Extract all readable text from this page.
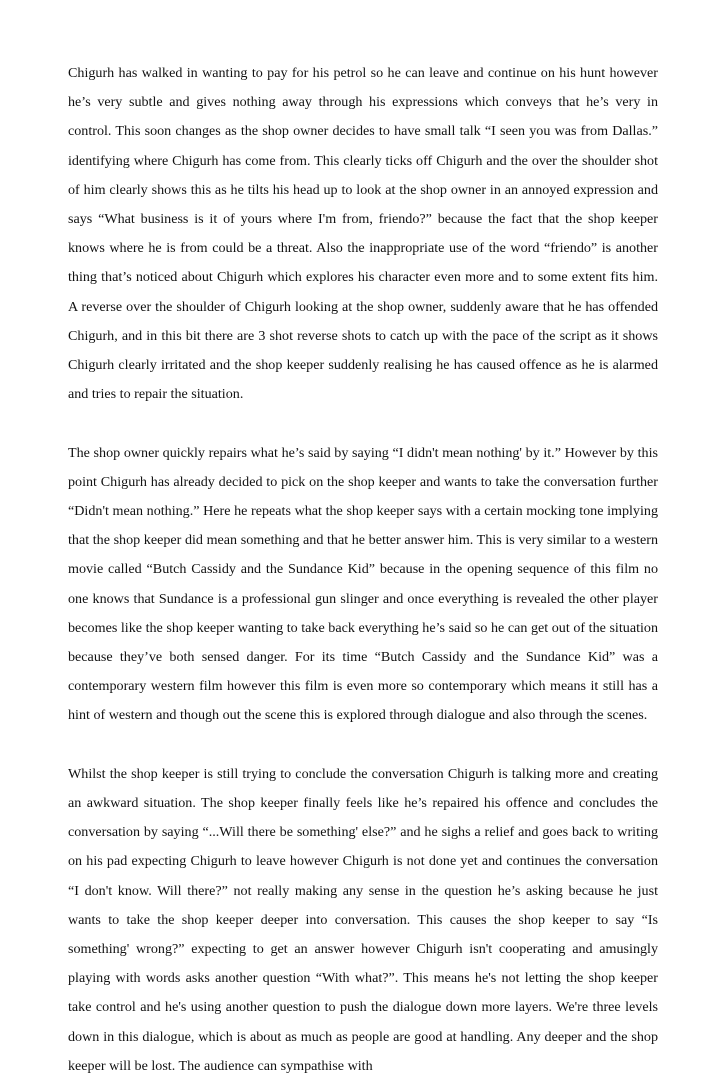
Chigurh has walked in wanting to pay for his petrol so he can leave and continue on his hunt however he’s very subtle and gives nothing away through his expressions which conveys that he’s very in control. This soon changes as the shop owner decides to have small talk “I seen you was from Dallas.” identifying where Chigurh has come from. This clearly ticks off Chigurh and the over the shoulder shot of him clearly shows this as he tilts his head up to look at the shop owner in an annoyed expression and says “What business is it of yours where I'm from, friendo?” because the fact that the shop keeper knows where he is from could be a threat. Also the inappropriate use of the word “friendo” is another thing that’s noticed about Chigurh which explores his character even more and to some extent fits him. A reverse over the shoulder of Chigurh looking at the shop owner, suddenly aware that he has offended Chigurh, and in this bit there are 3 shot reverse shots to catch up with the pace of the script as it shows Chigurh clearly irritated and the shop keeper suddenly realising he has caused offence as he is alarmed and tries to repair the situation.

The shop owner quickly repairs what he’s said by saying “I didn't mean nothing' by it.” However by this point Chigurh has already decided to pick on the shop keeper and wants to take the conversation further “Didn't mean nothing.” Here he repeats what the shop keeper says with a certain mocking tone implying that the shop keeper did mean something and that he better answer him. This is very similar to a western movie called “Butch Cassidy and the Sundance Kid” because in the opening sequence of this film no one knows that Sundance is a professional gun slinger and once everything is revealed the other player becomes like the shop keeper wanting to take back everything he’s said so he can get out of the situation because they’ve both sensed danger. For its time “Butch Cassidy and the Sundance Kid” was a contemporary western film however this film is even more so contemporary which means it still has a hint of western and though out the scene this is explored through dialogue and also through the scenes.

Whilst the shop keeper is still trying to conclude the conversation Chigurh is talking more and creating an awkward situation. The shop keeper finally feels like he’s repaired his offence and concludes the conversation by saying “...Will there be something' else?” and he sighs a relief and goes back to writing on his pad expecting Chigurh to leave however Chigurh is not done yet and continues the conversation “I don't know. Will there?” not really making any sense in the question he’s asking because he just wants to take the shop keeper deeper into conversation. This causes the shop keeper to say “Is something' wrong?” expecting to get an answer however Chigurh isn't cooperating and amusingly playing with words asks another question “With what?”. This means he's not letting the shop keeper take control and he's using another question to push the dialogue down more layers. We're three levels down in this dialogue, which is about as much as people are good at handling. Any deeper and the shop keeper will be lost. The audience can sympathise with
